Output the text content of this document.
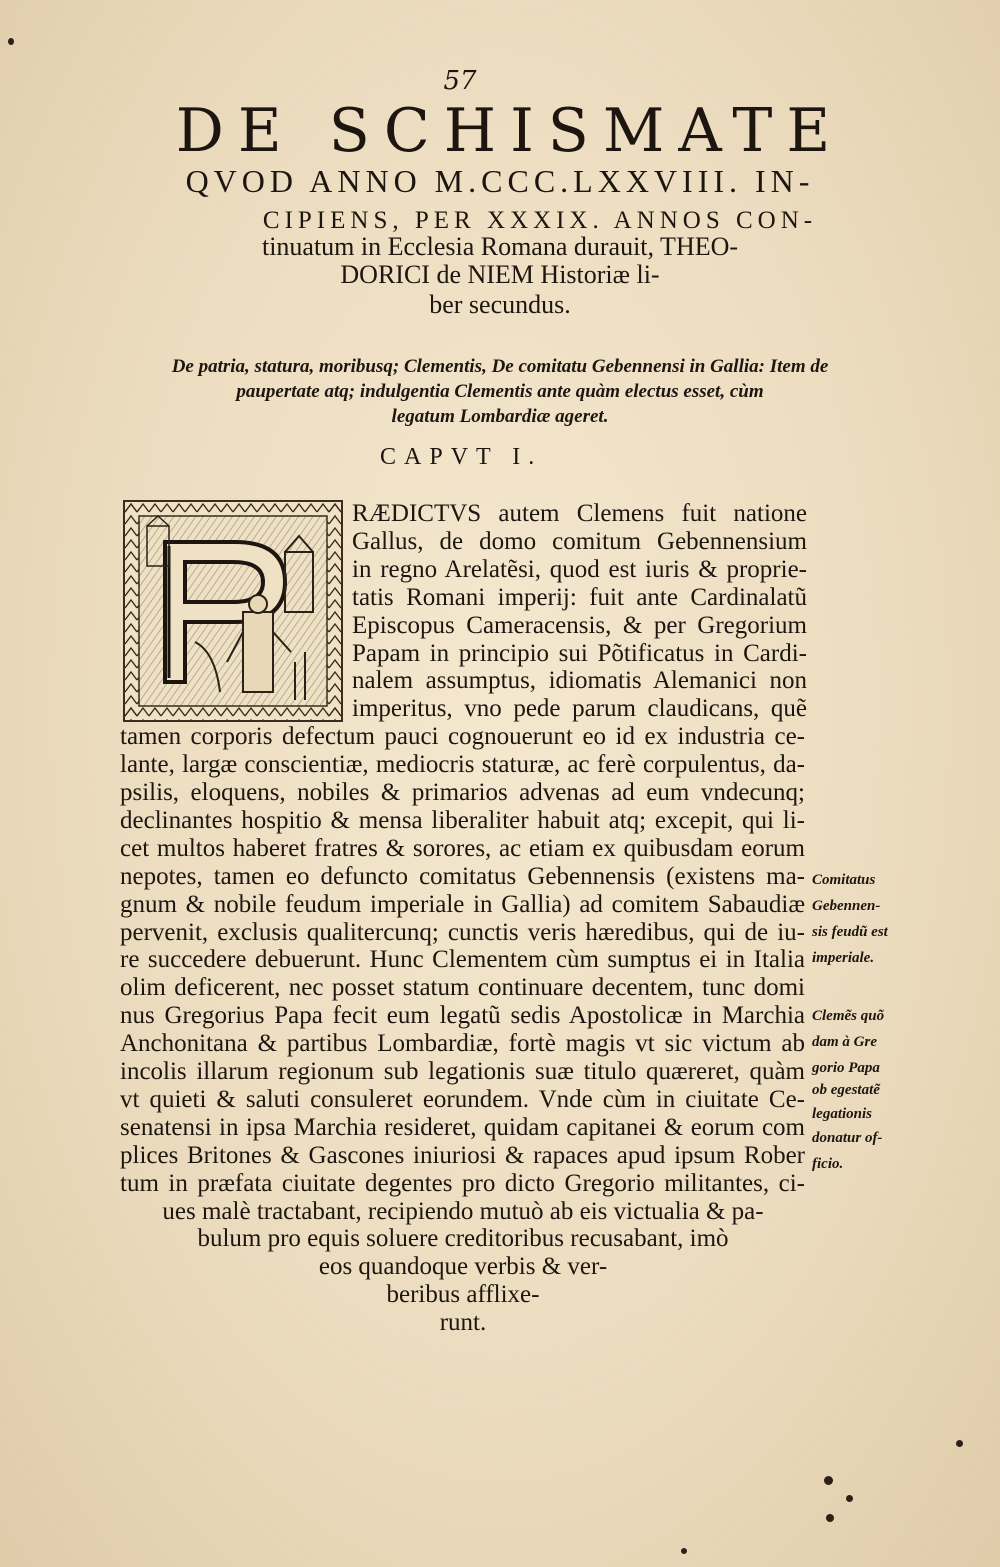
57
DE SCHISMATE
QVOD ANNO M.CCC.LXXVIII. IN-
CIPIENS, PER XXXIX. ANNOS CON-
tinuatum in Ecclesia Romana durauit, THEO-
DORICI de NIEM Historiæ li-
ber secundus.
De patria, statura, moribusq; Clementis, De comitatu Gebennensi in Gallia: Item de
paupertate atq; indulgentia Clementis ante quàm electus esset, cùm
legatum Lombardiæ ageret.
CAPVT I.
RÆDICTVS autem Clemens fuit natione
Gallus, de domo comitum Gebennensium
in regno Arelatẽsi, quod est iuris & proprie-
tatis Romani imperij: fuit ante Cardinalatũ
Episcopus Cameracensis, & per Gregorium
Papam in principio sui Põtificatus in Cardi-
nalem assumptus, idiomatis Alemanici non
imperitus, vno pede parum claudicans, quẽ
tamen corporis defectum pauci cognouerunt eo id ex industria ce-
lante, largæ conscientiæ, mediocris staturæ, ac ferè corpulentus, da-
psilis, eloquens, nobiles & primarios advenas ad eum vndecunq;
declinantes hospitio & mensa liberaliter habuit atq; excepit, qui li-
cet multos haberet fratres & sorores, ac etiam ex quibusdam eorum
nepotes, tamen eo defuncto comitatus Gebennensis (existens ma-
gnum & nobile feudum imperiale in Gallia) ad comitem Sabaudiæ
pervenit, exclusis qualitercunq; cunctis veris hæredibus, qui de iu-
re succedere debuerunt. Hunc Clementem cùm sumptus ei in Italia
olim deficerent, nec posset statum continuare decentem, tunc domi
nus Gregorius Papa fecit eum legatũ sedis Apostolicæ in Marchia
Anchonitana & partibus Lombardiæ, fortè magis vt sic victum ab
incolis illarum regionum sub legationis suæ titulo quæreret, quàm
vt quieti & saluti consuleret eorundem. Vnde cùm in ciuitate Ce-
senatensi in ipsa Marchia resideret, quidam capitanei & eorum com
plices Britones & Gascones iniuriosi & rapaces apud ipsum Rober
tum in præfata ciuitate degentes pro dicto Gregorio militantes, ci-
ues malè tractabant, recipiendo mutuò ab eis victualia & pa-
bulum pro equis soluere creditoribus recusabant, imò
eos quandoque verbis & ver-
beribus afflixe-
runt.
Comitatus
Gebennen-
sis feudũ est
imperiale.
Clemẽs quõ
dam à Gre
gorio Papa
ob egestatẽ
legationis
donatur of-
ficio.
